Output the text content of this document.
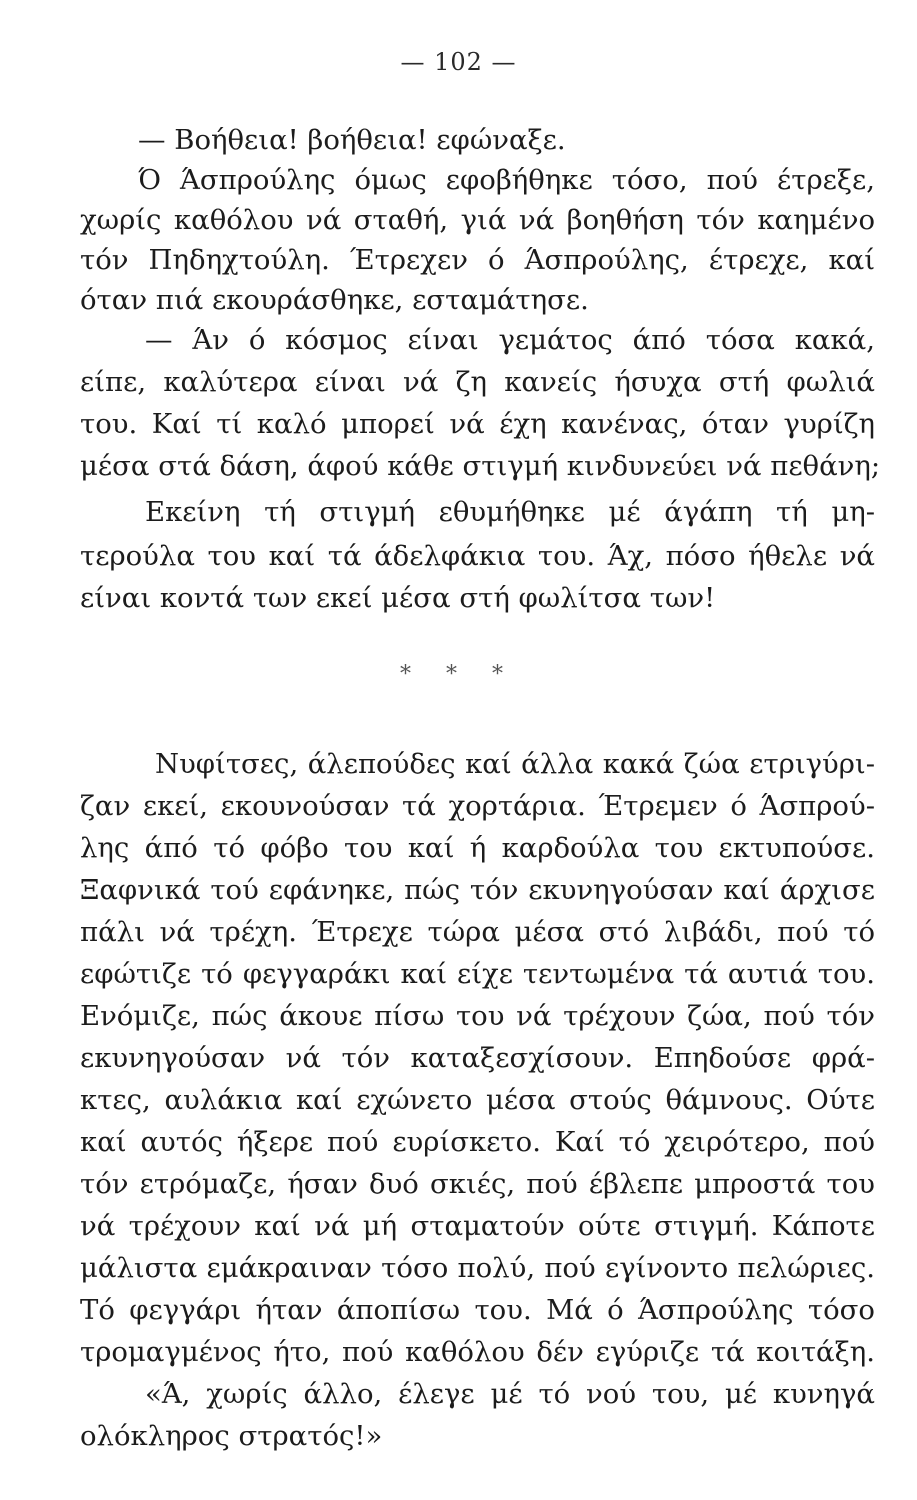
— 102 —
— Βοήθεια! βοήθεια! εφώναξε.
Ό Άσπρούλης όμως εφοβήθηκε τόσο, πού έτρεξε,
χωρίς καθόλου νά σταθή, γιά νά βοηθήση τόν καημένο
τόν Πηδηχτούλη. Έτρεχεν ό Άσπρούλης, έτρεχε, καί
όταν πιά εκουράσθηκε, εσταμάτησε.
— Άν ό κόσμος είναι γεμάτος άπό τόσα κακά,
είπε, καλύτερα είναι νά ζη κανείς ήσυχα στή φωλιά
του. Καί τί καλό μπορεί νά έχη κανένας, όταν γυρίζη
μέσα στά δάση, άφού κάθε στιγμή κινδυνεύει νά πεθάνη;
Εκείνη τή στιγμή εθυμήθηκε μέ άγάπη τή μη-
τερούλα του καί τά άδελφάκια του. Άχ, πόσο ήθελε νά
είναι κοντά των εκεί μέσα στή φωλίτσα των!
* * *
Νυφίτσες, άλεπούδες καί άλλα κακά ζώα ετριγύρι-
ζαν εκεί, εκουνούσαν τά χορτάρια. Έτρεμεν ό Άσπρού-
λης άπό τό φόβο του καί ή καρδούλα του εκτυπούσε.
Ξαφνικά τού εφάνηκε, πώς τόν εκυνηγούσαν καί άρχισε
πάλι νά τρέχη. Έτρεχε τώρα μέσα στό λιβάδι, πού τό
εφώτιζε τό φεγγαράκι καί είχε τεντωμένα τά αυτιά του.
Ενόμιζε, πώς άκουε πίσω του νά τρέχουν ζώα, πού τόν
εκυνηγούσαν νά τόν καταξεσχίσουν. Επηδούσε φρά-
κτες, αυλάκια καί εχώνετο μέσα στούς θάμνους. Ούτε
καί αυτός ήξερε πού ευρίσκετο. Καί τό χειρότερο, πού
τόν ετρόμαζε, ήσαν δυό σκιές, πού έβλεπε μπροστά του
νά τρέχουν καί νά μή σταματούν ούτε στιγμή. Κάποτε
μάλιστα εμάκραιναν τόσο πολύ, πού εγίνοντο πελώριες.
Τό φεγγάρι ήταν άποπίσω του. Μά ό Άσπρούλης τόσο
τρομαγμένος ήτο, πού καθόλου δέν εγύριζε τά κοιτάξη.
«Ά, χωρίς άλλο, έλεγε μέ τό νού του, μέ κυνηγά
ολόκληρος στρατός!»
